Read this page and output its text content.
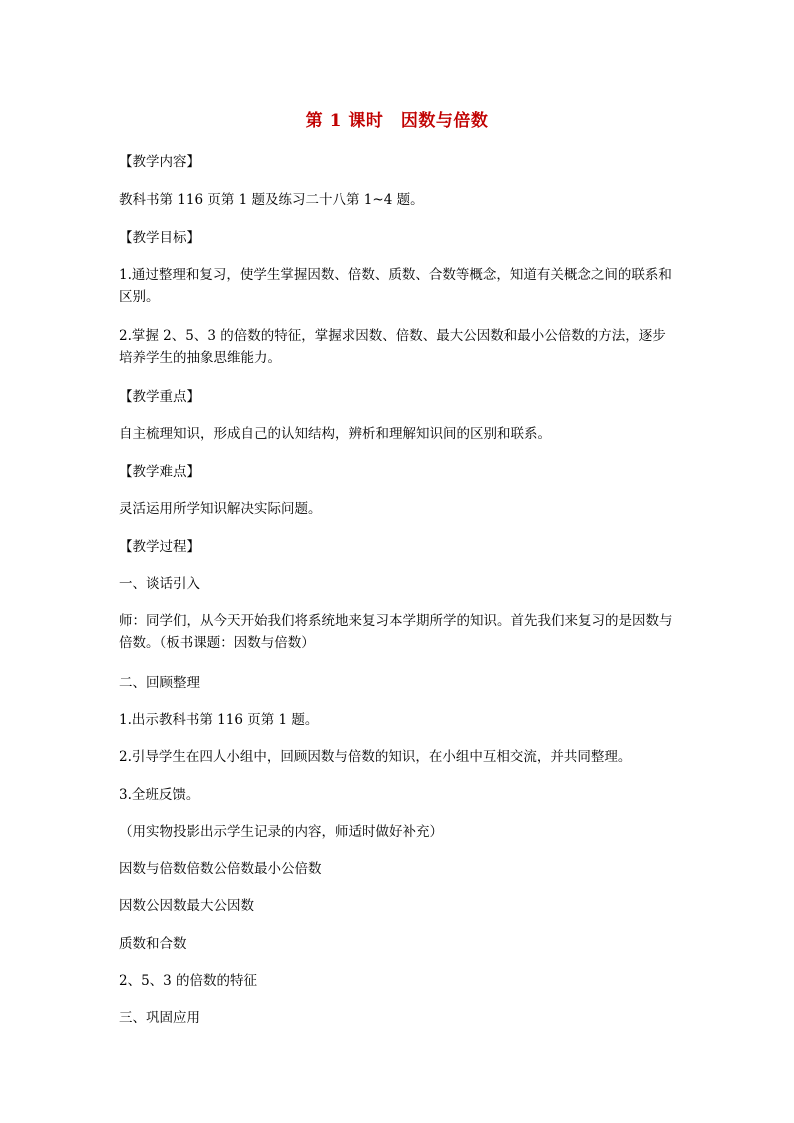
第 1 课时　因数与倍数
【教学内容】
教科书第 116 页第 1 题及练习二十八第 1~4 题。
【教学目标】
1.通过整理和复习，使学生掌握因数、倍数、质数、合数等概念，知道有关概念之间的联系和区别。
2.掌握 2、5、3 的倍数的特征，掌握求因数、倍数、最大公因数和最小公倍数的方法，逐步培养学生的抽象思维能力。
【教学重点】
自主梳理知识，形成自己的认知结构，辨析和理解知识间的区别和联系。
【教学难点】
灵活运用所学知识解决实际问题。
【教学过程】
一、谈话引入
师：同学们，从今天开始我们将系统地来复习本学期所学的知识。首先我们来复习的是因数与倍数。（板书课题：因数与倍数）
二、回顾整理
1.出示教科书第 116 页第 1 题。
2.引导学生在四人小组中，回顾因数与倍数的知识，在小组中互相交流，并共同整理。
3.全班反馈。
（用实物投影出示学生记录的内容，师适时做好补充）
因数与倍数倍数公倍数最小公倍数
因数公因数最大公因数
质数和合数
2、5、3 的倍数的特征
三、巩固应用
